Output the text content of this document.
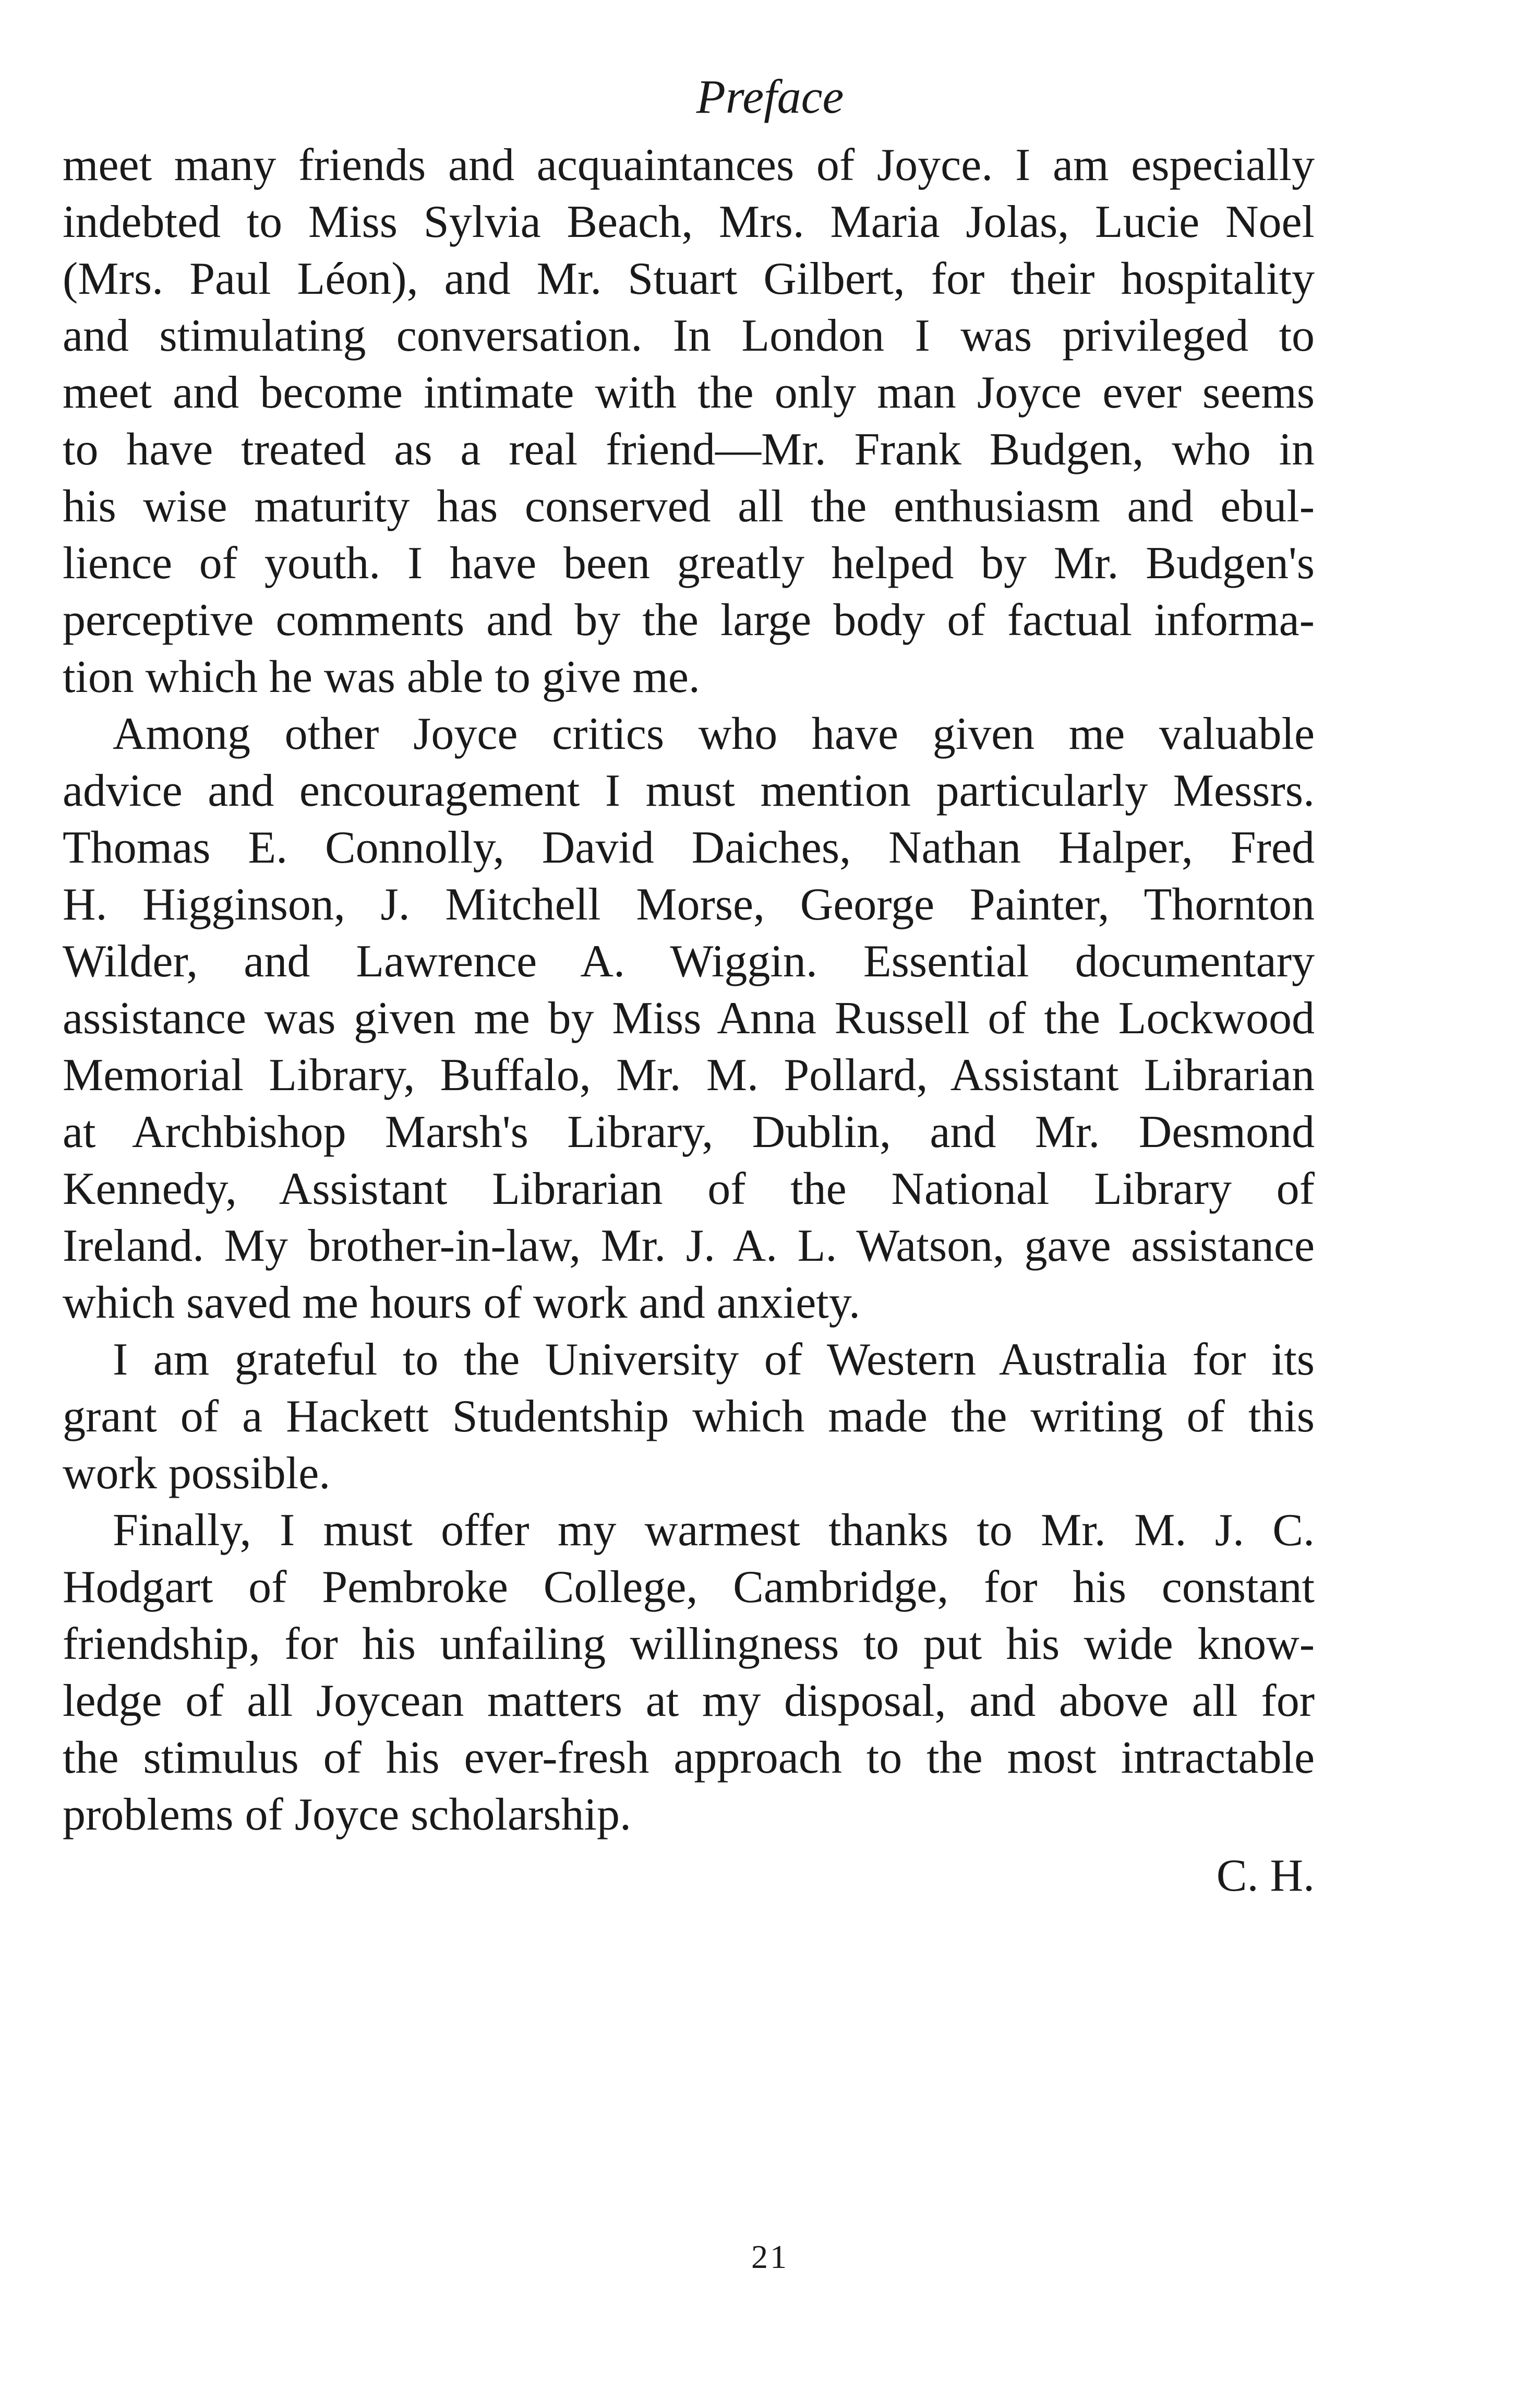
Preface
meet many friends and acquaintances of Joyce. I am especially
indebted to Miss Sylvia Beach, Mrs. Maria Jolas, Lucie Noel
(Mrs. Paul Léon), and Mr. Stuart Gilbert, for their hospitality
and stimulating conversation. In London I was privileged to
meet and become intimate with the only man Joyce ever seems
to have treated as a real friend—Mr. Frank Budgen, who in
his wise maturity has conserved all the enthusiasm and ebul-
lience of youth. I have been greatly helped by Mr. Budgen's
perceptive comments and by the large body of factual informa-
tion which he was able to give me.
Among other Joyce critics who have given me valuable
advice and encouragement I must mention particularly Messrs.
Thomas E. Connolly, David Daiches, Nathan Halper, Fred
H. Higginson, J. Mitchell Morse, George Painter, Thornton
Wilder, and Lawrence A. Wiggin. Essential documentary
assistance was given me by Miss Anna Russell of the Lockwood
Memorial Library, Buffalo, Mr. M. Pollard, Assistant Librarian
at Archbishop Marsh's Library, Dublin, and Mr. Desmond
Kennedy, Assistant Librarian of the National Library of
Ireland. My brother-in-law, Mr. J. A. L. Watson, gave assistance
which saved me hours of work and anxiety.
I am grateful to the University of Western Australia for its
grant of a Hackett Studentship which made the writing of this
work possible.
Finally, I must offer my warmest thanks to Mr. M. J. C.
Hodgart of Pembroke College, Cambridge, for his constant
friendship, for his unfailing willingness to put his wide know-
ledge of all Joycean matters at my disposal, and above all for
the stimulus of his ever-fresh approach to the most intractable
problems of Joyce scholarship.
C. H.
21
